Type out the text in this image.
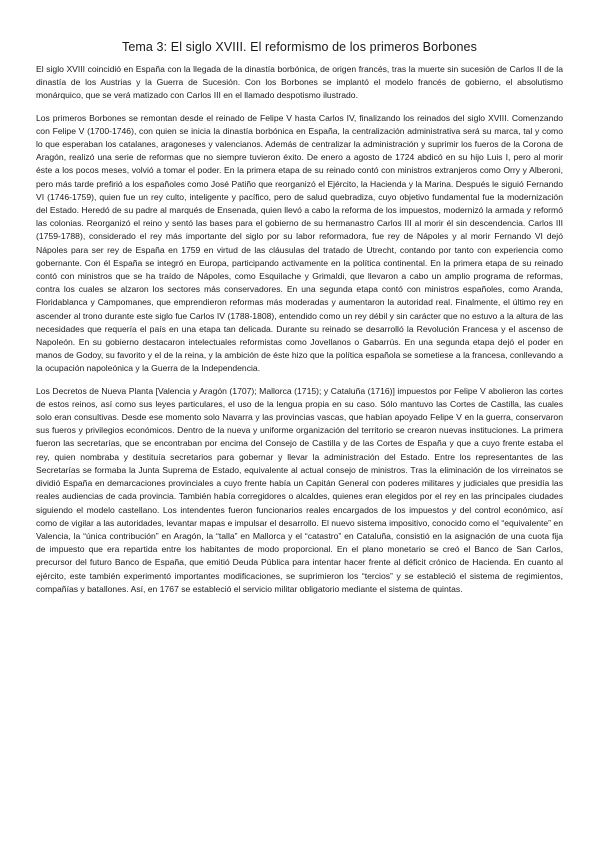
Tema 3: El siglo XVIII. El reformismo de los primeros Borbones

El siglo XVIII coincidió en España con la llegada de la dinastía borbónica, de origen francés, tras la muerte sin sucesión de Carlos II de la dinastía de los Austrias y la Guerra de Sucesión. Con los Borbones se implantó el modelo francés de gobierno, el absolutismo monárquico, que se verá matizado con Carlos III en el llamado despotismo ilustrado.

Los primeros Borbones se remontan desde el reinado de Felipe V hasta Carlos IV, finalizando los reinados del siglo XVIII. Comenzando con Felipe V (1700-1746), con quien se inicia la dinastía borbónica en España, la centralización administrativa será su marca, tal y como lo que esperaban los catalanes, aragoneses y valencianos. Además de centralizar la administración y suprimir los fueros de la Corona de Aragón, realizó una serie de reformas que no siempre tuvieron éxito. De enero a agosto de 1724 abdicó en su hijo Luis I, pero al morir éste a los pocos meses, volvió a tomar el poder. En la primera etapa de su reinado contó con ministros extranjeros como Orry y Alberoni, pero más tarde prefirió a los españoles como José Patiño que reorganizó el Ejército, la Hacienda y la Marina. Después le siguió Fernando VI (1746-1759), quien fue un rey culto, inteligente y pacífico, pero de salud quebradiza, cuyo objetivo fundamental fue la modernización del Estado. Heredó de su padre al marqués de Ensenada, quien llevó a cabo la reforma de los impuestos, modernizó la armada y reformó las colonias. Reorganizó el reino y sentó las bases para el gobierno de su hermanastro Carlos III al morir él sin descendencia. Carlos III (1759-1788), considerado el rey más importante del siglo por su labor reformadora, fue rey de Nápoles y al morir Fernando VI dejó Nápoles para ser rey de España en 1759 en virtud de las cláusulas del tratado de Utrecht, contando por tanto con experiencia como gobernante. Con él España se integró en Europa, participando activamente en la política continental. En la primera etapa de su reinado contó con ministros que se ha traído de Nápoles, como Esquilache y Grimaldi, que llevaron a cabo un amplio programa de reformas, contra los cuales se alzaron los sectores más conservadores. En una segunda etapa contó con ministros españoles, como Aranda, Floridablanca y Campomanes, que emprendieron reformas más moderadas y aumentaron la autoridad real. Finalmente, el último rey en ascender al trono durante este siglo fue Carlos IV (1788-1808), entendido como un rey débil y sin carácter que no estuvo a la altura de las necesidades que requería el país en una etapa tan delicada. Durante su reinado se desarrolló la Revolución Francesa y el ascenso de Napoleón. En su gobierno destacaron intelectuales reformistas como Jovellanos o Gabarrús. En una segunda etapa dejó el poder en manos de Godoy, su favorito y el de la reina, y la ambición de éste hizo que la política española se sometiese a la francesa, conllevando a la ocupación napoleónica y la Guerra de la Independencia.

Los Decretos de Nueva Planta [Valencia y Aragón (1707); Mallorca (1715); y Cataluña (1716)] impuestos por Felipe V abolieron las cortes de estos reinos, así como sus leyes particulares, el uso de la lengua propia en su caso. Sólo mantuvo las Cortes de Castilla, las cuales solo eran consultivas. Desde ese momento solo Navarra y las provincias vascas, que habían apoyado Felipe V en la guerra, conservaron sus fueros y privilegios económicos. Dentro de la nueva y uniforme organización del territorio se crearon nuevas instituciones. La primera fueron las secretarías, que se encontraban por encima del Consejo de Castilla y de las Cortes de España y que a cuyo frente estaba el rey, quien nombraba y destituía secretarios para gobernar y llevar la administración del Estado. Entre los representantes de las Secretarías se formaba la Junta Suprema de Estado, equivalente al actual consejo de ministros. Tras la eliminación de los virreinatos se dividió España en demarcaciones provinciales a cuyo frente había un Capitán General con poderes militares y judiciales que presidía las reales audiencias de cada provincia. También había corregidores o alcaldes, quienes eran elegidos por el rey en las principales ciudades siguiendo el modelo castellano. Los intendentes fueron funcionarios reales encargados de los impuestos y del control económico, así como de vigilar a las autoridades, levantar mapas e impulsar el desarrollo. El nuevo sistema impositivo, conocido como el “equivalente” en Valencia, la “única contribución” en Aragón, la “talla” en Mallorca y el “catastro” en Cataluña, consistió en la asignación de una cuota fija de impuesto que era repartida entre los habitantes de modo proporcional. En el plano monetario se creó el Banco de San Carlos, precursor del futuro Banco de España, que emitió Deuda Pública para intentar hacer frente al déficit crónico de Hacienda. En cuanto al ejército, este también experimentó importantes modificaciones, se suprimieron los “tercios” y se estableció el sistema de regimientos, compañías y batallones. Así, en 1767 se estableció el servicio militar obligatorio mediante el sistema de quintas.
